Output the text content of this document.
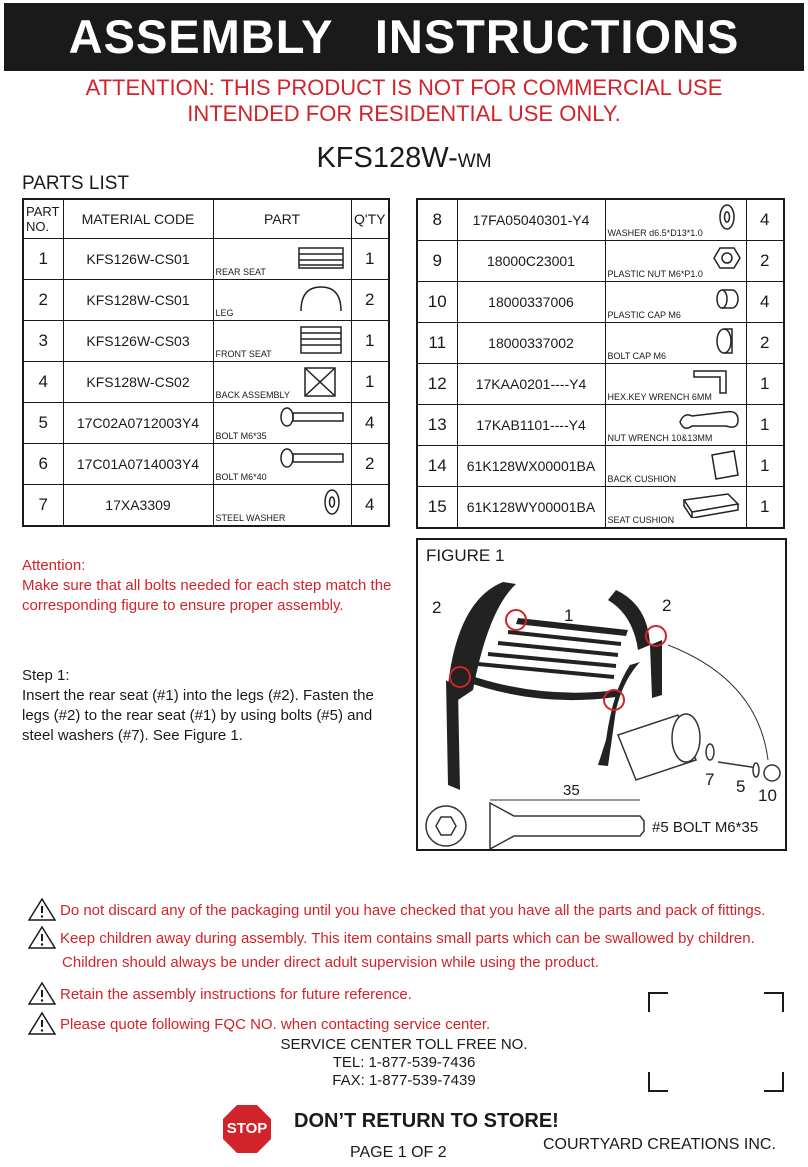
ASSEMBLY   INSTRUCTIONS
ATTENTION: THIS PRODUCT IS NOT FOR COMMERCIAL USE
INTENDED FOR RESIDENTIAL USE ONLY.
KFS128W-WM
PARTS LIST
PART NO.	MATERIAL CODE	PART	Q'TY
1	KFS126W-CS01	REAR SEAT	1
2	KFS128W-CS01	LEG	2
3	KFS126W-CS03	FRONT SEAT	1
4	KFS128W-CS02	BACK ASSEMBLY	1
5	17C02A0712003Y4	BOLT M6*35	4
6	17C01A0714003Y4	BOLT M6*40	2
7	17XA3309	STEEL WASHER	4
8	17FA05040301-Y4	WASHER d6.5*D13*1.0	4
9	18000C23001	PLASTIC NUT M6*P1.0	2
10	18000337006	PLASTIC CAP M6	4
11	18000337002	BOLT CAP M6	2
12	17KAA0201----Y4	HEX.KEY WRENCH 6MM	1
13	17KAB1101----Y4	NUT WRENCH 10&13MM	1
14	61K128WX00001BA	BACK CUSHION	1
15	61K128WY00001BA	SEAT CUSHION	1
Attention:
Make sure that all bolts needed for each step match the corresponding figure to ensure proper assembly.
Step 1:
Insert the rear seat (#1) into the legs (#2). Fasten the legs (#2) to the rear seat (#1) by using bolts (#5) and steel washers (#7). See Figure 1.
FIGURE 1
2	1
2
7 5 10
35
#5 BOLT M6*35
Do not discard any of the packaging until you have checked that you have all the parts and pack of fittings.
Keep children away during assembly. This item contains small parts which can be swallowed by children.
Children should always be under direct adult supervision while using the product.
Retain the assembly instructions for future reference.
Please quote following FQC NO. when contacting service center.
SERVICE CENTER TOLL FREE NO.
TEL: 1-877-539-7436
FAX: 1-877-539-7439
STOP DON’T RETURN TO STORE!
PAGE 1 OF 2	COURTYARD CREATIONS INC.
